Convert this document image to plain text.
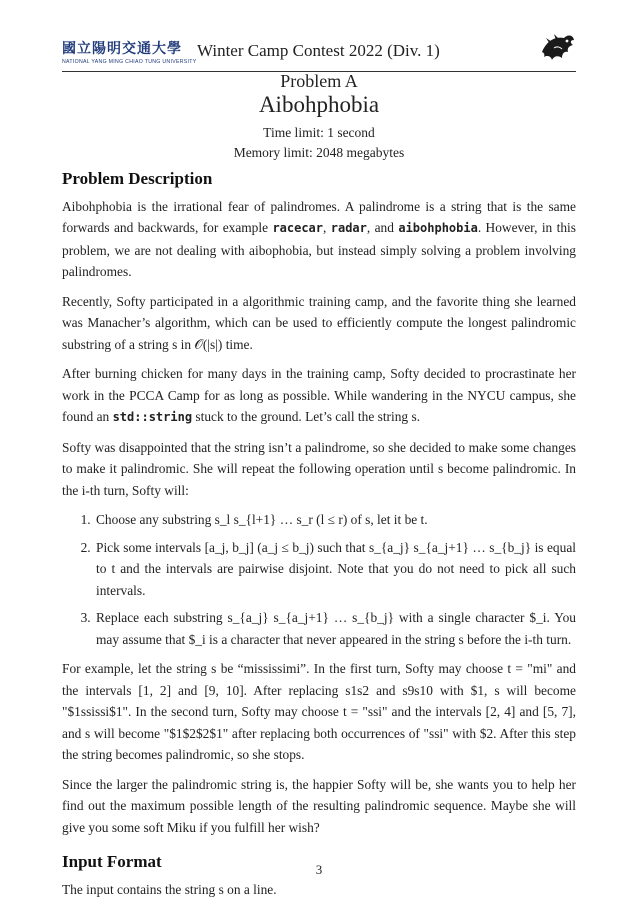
國立陽明交通大學
NATIONAL YANG MING CHIAO TUNG UNIVERSITY
Winter Camp Contest 2022 (Div. 1)
Problem A
Aibohphobia
Time limit: 1 second
Memory limit: 2048 megabytes
Problem Description

Aibohphobia is the irrational fear of palindromes. A palindrome is a string that is the same forwards and backwards, for example racecar, radar, and aibohphobia. However, in this problem, we are not dealing with aibophobia, but instead simply solving a problem involving palindromes.

Recently, Softy participated in a algorithmic training camp, and the favorite thing she learned was Manacher’s algorithm, which can be used to efficiently compute the longest palindromic substring of a string s in 𝒪(|s|) time.

After burning chicken for many days in the training camp, Softy decided to procrastinate her work in the PCCA Camp for as long as possible. While wandering in the NYCU campus, she found an std::string stuck to the ground. Let’s call the string s.

Softy was disappointed that the string isn’t a palindrome, so she decided to make some changes to make it palindromic. She will repeat the following operation until s become palindromic. In the i-th turn, Softy will:

1. Choose any substring s_l s_{l+1} … s_r (l ≤ r) of s, let it be t.
2. Pick some intervals [a_j, b_j] (a_j ≤ b_j) such that s_{a_j} s_{a_j+1} … s_{b_j} is equal to t and the intervals are pairwise disjoint. Note that you do not need to pick all such intervals.
3. Replace each substring s_{a_j} s_{a_j+1} … s_{b_j} with a single character $_i. You may assume that $_i is a character that never appeared in the string s before the i-th turn.

For example, let the string s be “mississimi”. In the first turn, Softy may choose t = "mi" and the intervals [1, 2] and [9, 10]. After replacing s1s2 and s9s10 with $1, s will become "$1ssissi$1". In the second turn, Softy may choose t = "ssi" and the intervals [2, 4] and [5, 7], and s will become "$1$2$2$1" after replacing both occurrences of "ssi" with $2. After this step the string becomes palindromic, so she stops.

Since the larger the palindromic string is, the happier Softy will be, she wants you to help her find out the maximum possible length of the resulting palindromic sequence. Maybe she will give you some soft Miku if you fulfill her wish?

Input Format

The input contains the string s on a line.

3
